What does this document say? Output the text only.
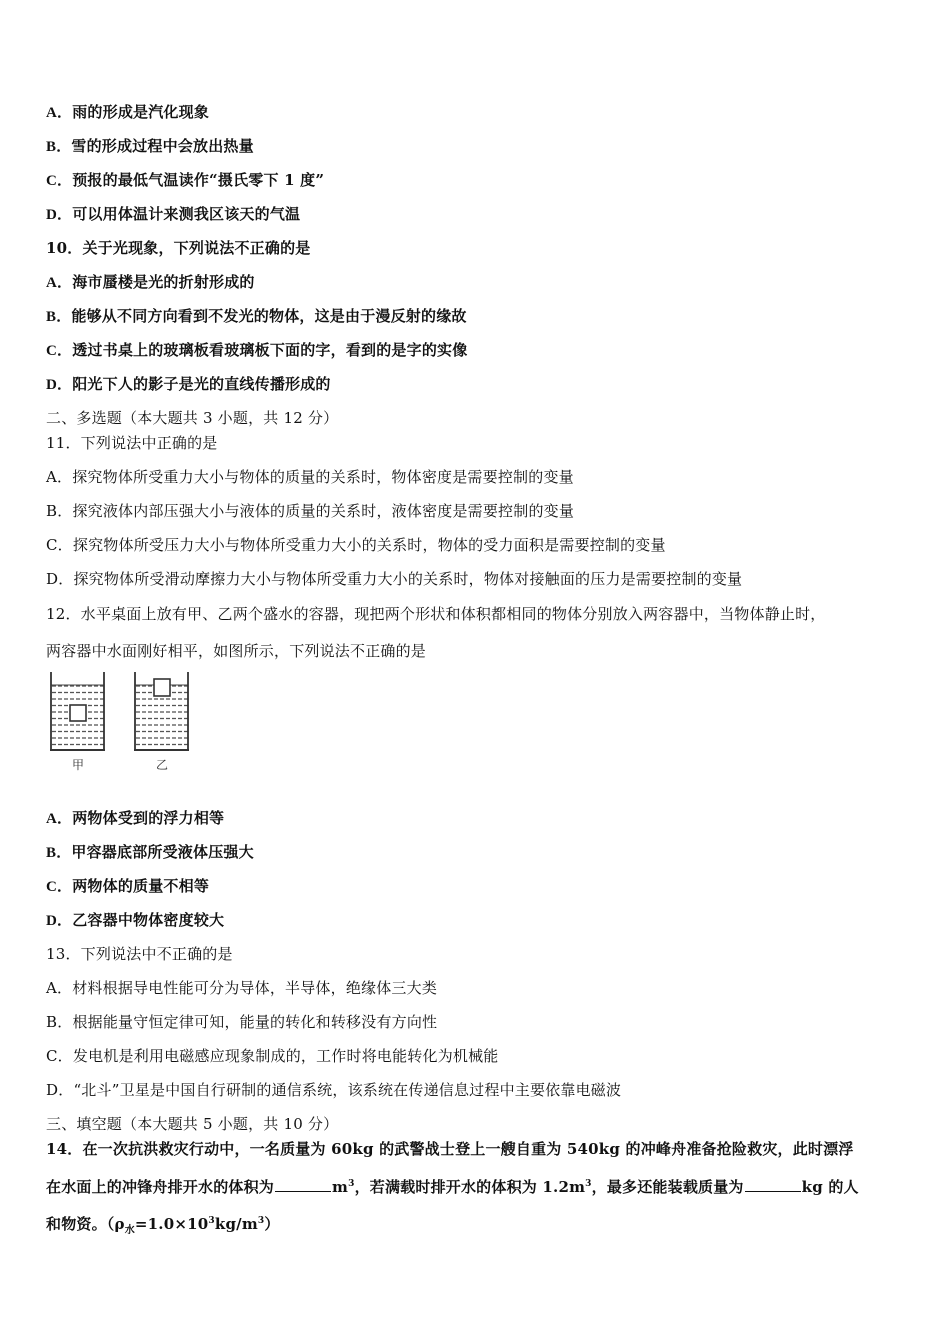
A．雨的形成是汽化现象
B．雪的形成过程中会放出热量
C．预报的最低气温读作“摄氏零下 1 度”
D．可以用体温计来测我区该天的气温
10．关于光现象，下列说法不正确的是
A．海市蜃楼是光的折射形成的
B．能够从不同方向看到不发光的物体，这是由于漫反射的缘故
C．透过书桌上的玻璃板看玻璃板下面的字，看到的是字的实像
D．阳光下人的影子是光的直线传播形成的
二、多选题（本大题共 3 小题，共 12 分）
11．下列说法中正确的是
A．探究物体所受重力大小与物体的质量的关系时，物体密度是需要控制的变量
B．探究液体内部压强大小与液体的质量的关系时，液体密度是需要控制的变量
C．探究物体所受压力大小与物体所受重力大小的关系时，物体的受力面积是需要控制的变量
D．探究物体所受滑动摩擦力大小与物体所受重力大小的关系时，物体对接触面的压力是需要控制的变量
12．水平桌面上放有甲、乙两个盛水的容器，现把两个形状和体积都相同的物体分别放入两容器中，当物体静止时，
两容器中水面刚好相平，如图所示，下列说法不正确的是
甲	乙
A．两物体受到的浮力相等
B．甲容器底部所受液体压强大
C．两物体的质量不相等
D．乙容器中物体密度较大
13．下列说法中不正确的是
A．材料根据导电性能可分为导体，半导体，绝缘体三大类
B．根据能量守恒定律可知，能量的转化和转移没有方向性
C．发电机是利用电磁感应现象制成的，工作时将电能转化为机械能
D．“北斗”卫星是中国自行研制的通信系统，该系统在传递信息过程中主要依靠电磁波
三、填空题（本大题共 5 小题，共 10 分）
14．在一次抗洪救灾行动中，一名质量为 60kg 的武警战士登上一艘自重为 540kg 的冲峰舟准备抢险救灾，此时漂浮
在水面上的冲锋舟排开水的体积为	$m^3$，若满载时排开水的体积为 $1.2m^3$，最多还能装载质量为	kg 的人
和物资。$(\rho_水=1.0\times 10^3kg/m^3)$
